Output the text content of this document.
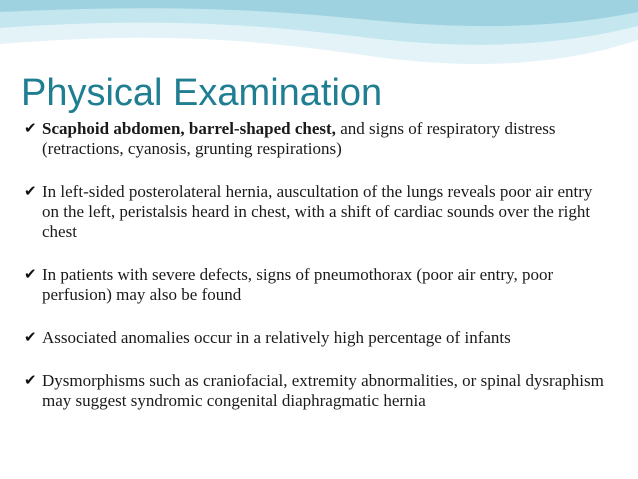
Physical Examination
✔ Scaphoid abdomen, barrel-shaped chest, and signs of respiratory distress (retractions, cyanosis, grunting respirations)
✔ In left-sided posterolateral hernia, auscultation of the lungs reveals poor air entry on the left, peristalsis heard in chest, with a shift of cardiac sounds over the right chest
✔ In patients with severe defects, signs of pneumothorax (poor air entry, poor perfusion) may also be found
✔ Associated anomalies occur in a relatively high percentage of infants
✔ Dysmorphisms such as craniofacial, extremity abnormalities, or spinal dysraphism may suggest syndromic congenital diaphragmatic hernia
